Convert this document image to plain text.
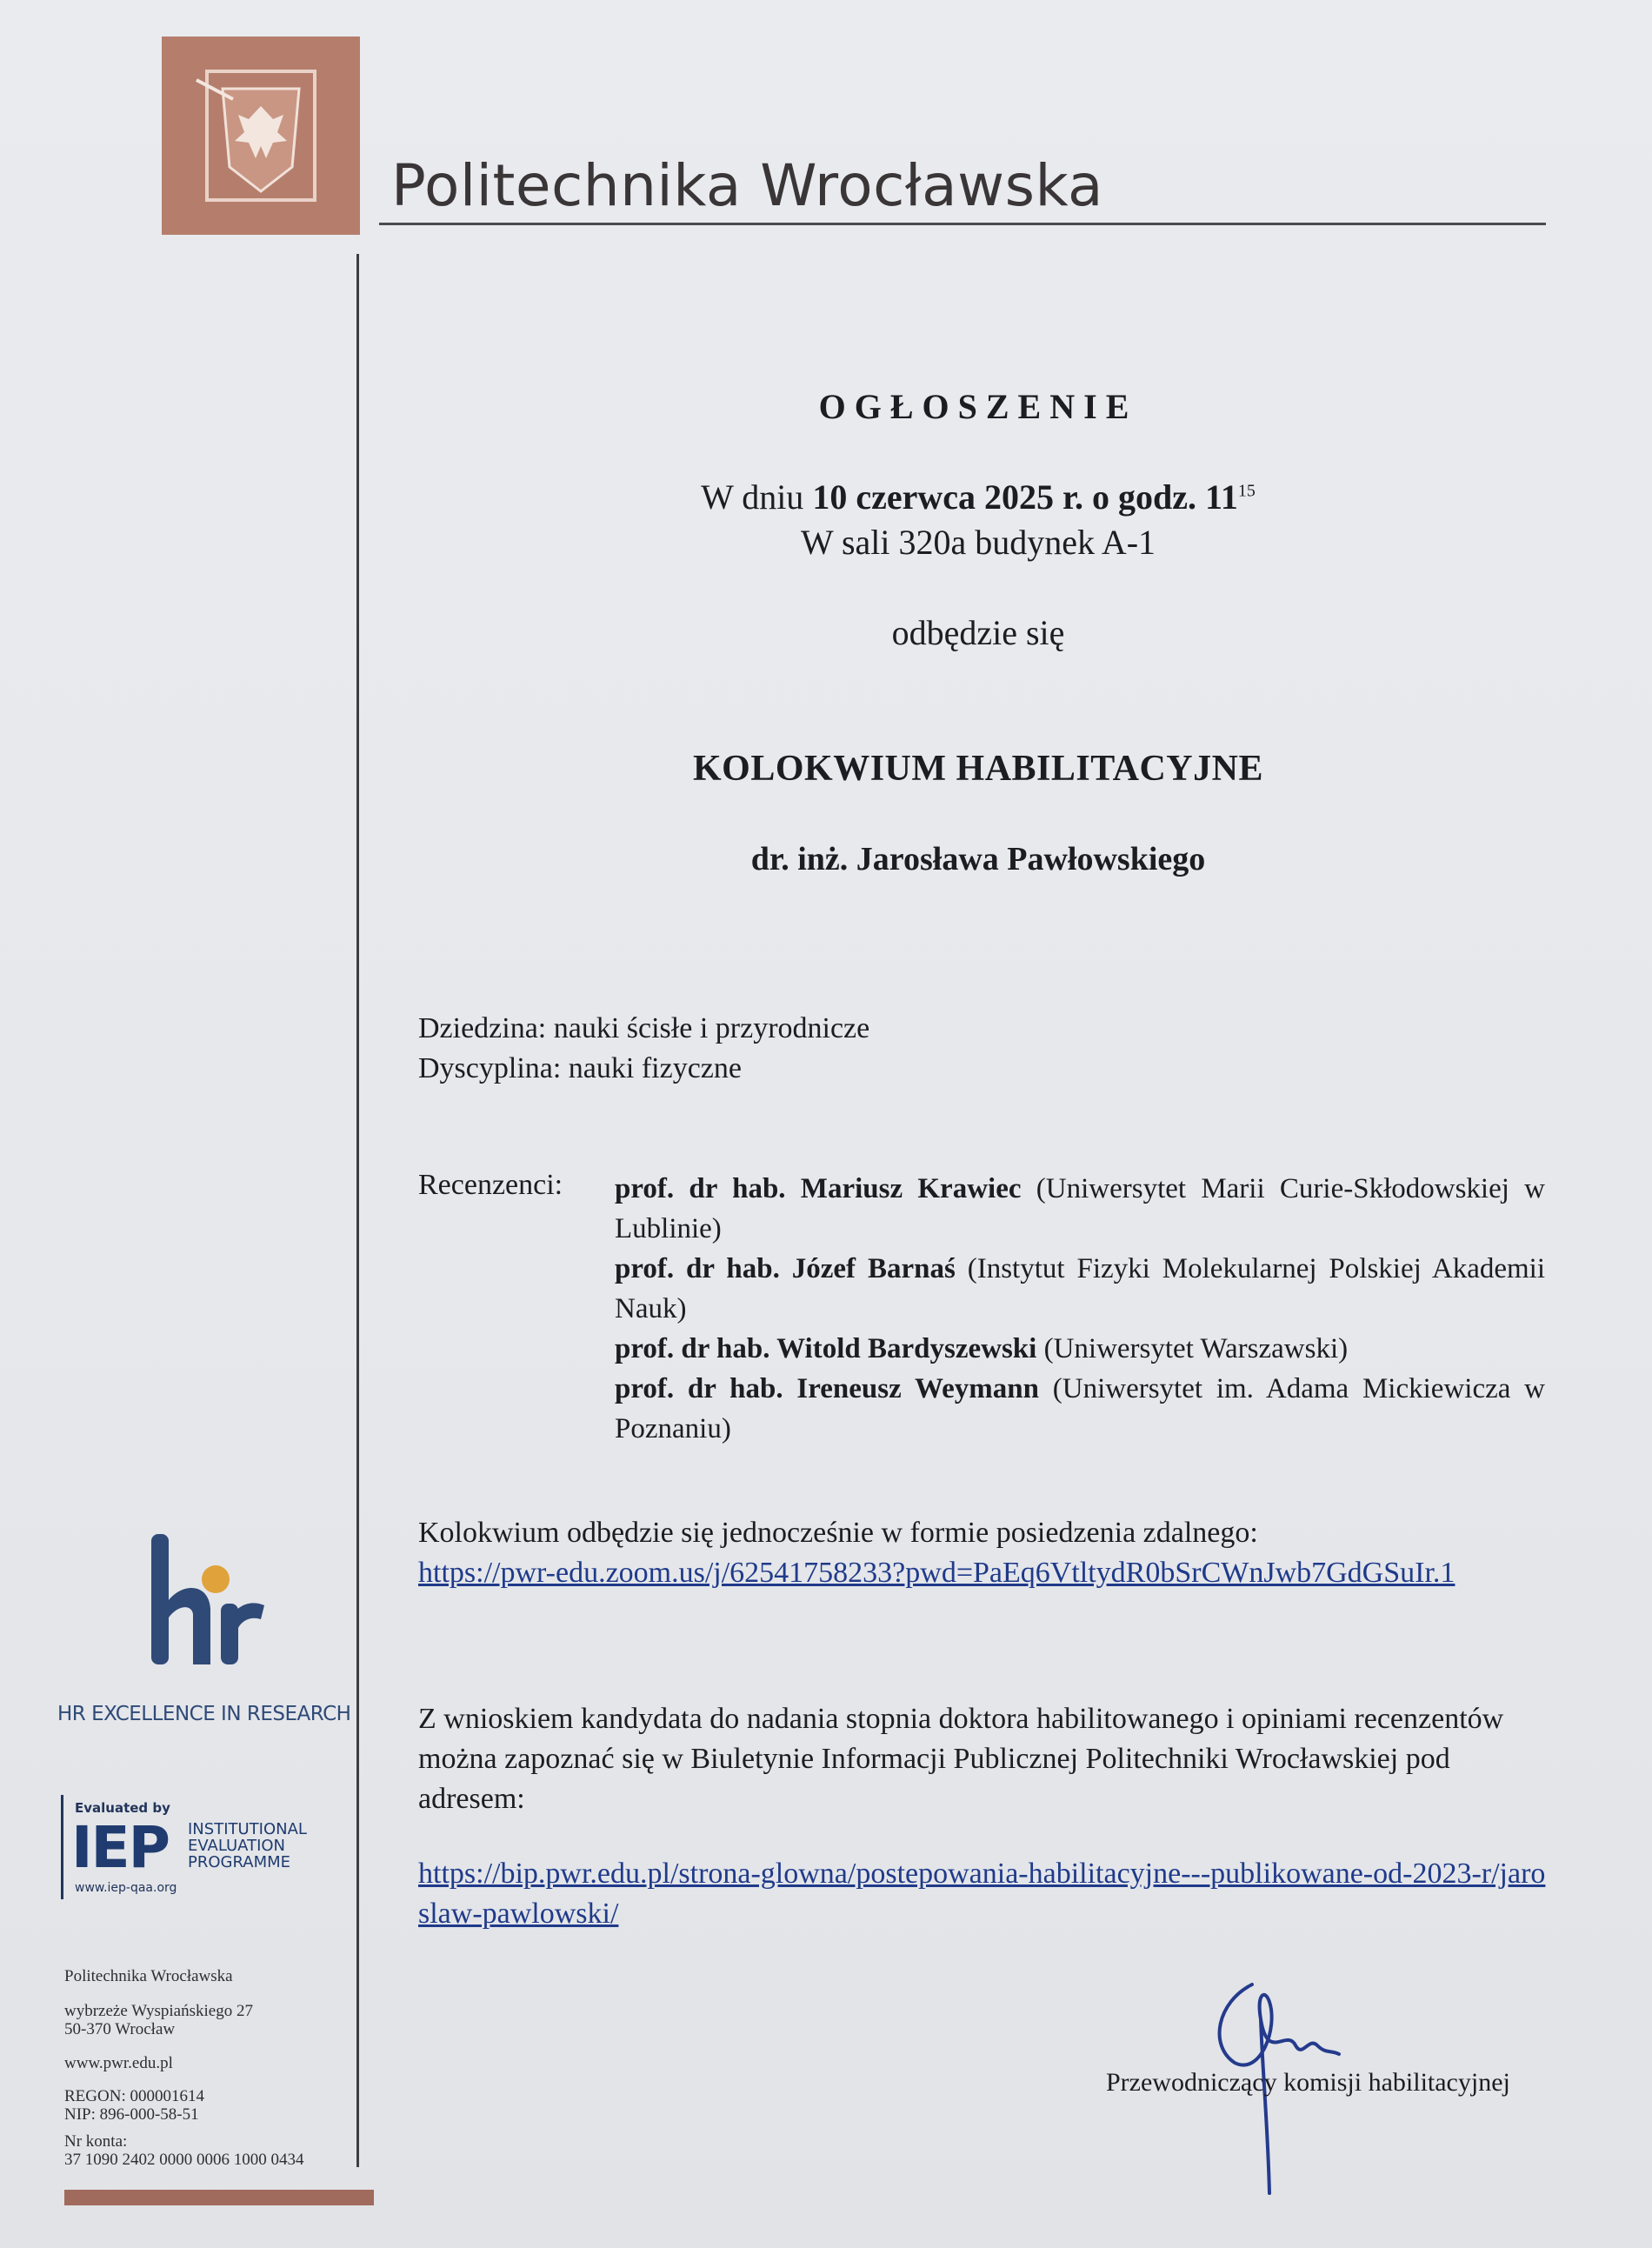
Politechnika Wrocławska
OGŁOSZENIE
W dniu 10 czerwca 2025 r. o godz. $11^{15}$
W sali 320a budynek A-1
odbędzie się
KOLOKWIUM HABILITACYJNE
dr. inż. Jarosława Pawłowskiego
Dziedzina: nauki ścisłe i przyrodnicze
Dyscyplina: nauki fizyczne
Recenzenci: prof. dr hab. Mariusz Krawiec (Uniwersytet Marii Curie-Skłodowskiej w Lublinie)
prof. dr hab. Józef Barnaś (Instytut Fizyki Molekularnej Polskiej Akademii Nauk)
prof. dr hab. Witold Bardyszewski (Uniwersytet Warszawski)
prof. dr hab. Ireneusz Weymann (Uniwersytet im. Adama Mickiewicza w Poznaniu)
Kolokwium odbędzie się jednocześnie w formie posiedzenia zdalnego:
https://pwr-edu.zoom.us/j/62541758233?pwd=PaEq6VtltydR0bSrCWnJwb7GdGSuIr.1
Z wnioskiem kandydata do nadania stopnia doktora habilitowanego i opiniami recenzentów można zapoznać się w Biuletynie Informacji Publicznej Politechniki Wrocławskiej pod adresem:
https://bip.pwr.edu.pl/strona-glowna/postepowania-habilitacyjne---publikowane-od-2023-r/jaroslaw-pawlowski/
Przewodniczący komisji habilitacyjnej
HR EXCELLENCE IN RESEARCH
Evaluated by
IEP INSTITUTIONAL
EVALUATION
PROGRAMME
www.iep-qaa.org
Politechnika Wrocławska
wybrzeże Wyspiańskiego 27
50-370 Wrocław
www.pwr.edu.pl
REGON: 000001614
NIP: 896-000-58-51
Nr konta:
37 1090 2402 0000 0006 1000 0434
